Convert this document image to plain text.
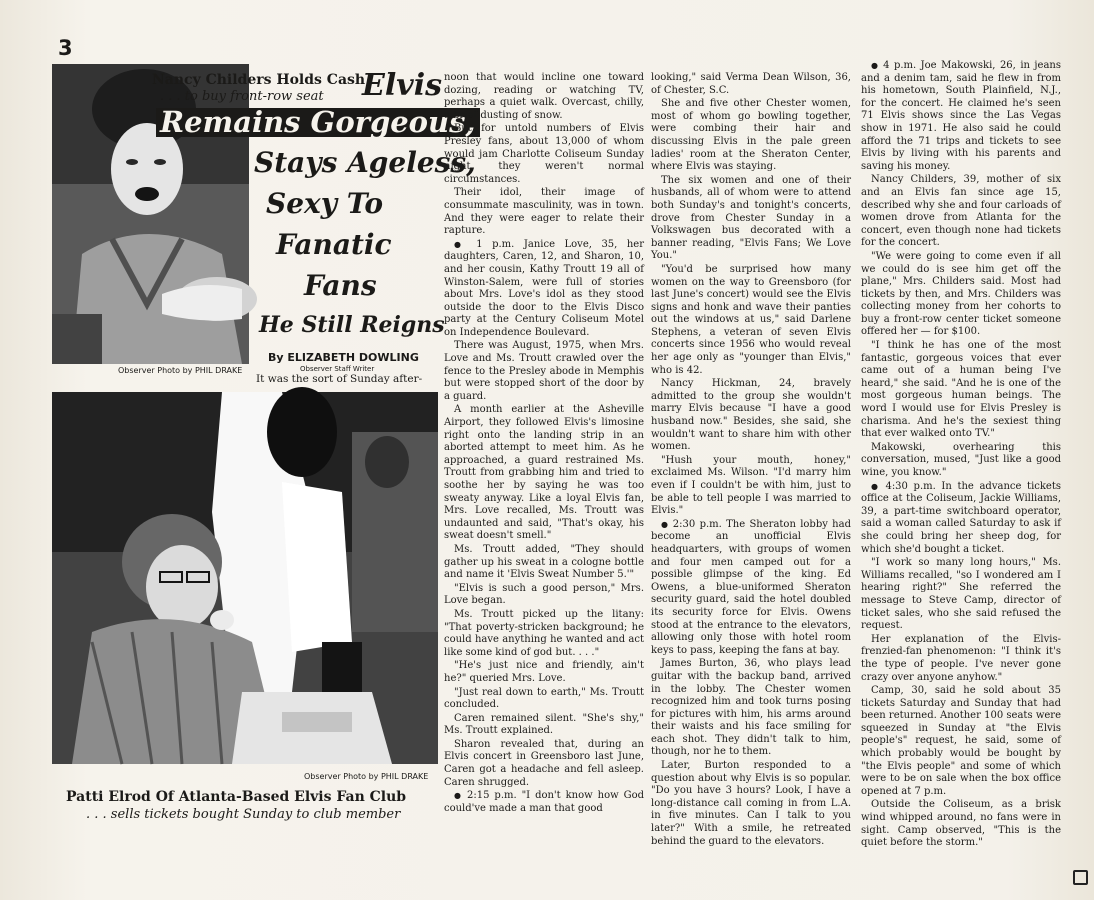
3
Observer Photo by PHIL DRAKE
Nancy Childers Holds Cash
. . . to buy front-row seat Elvis
Remains Gorgeous,
Stays Ageless,
Sexy To
Fanatic
Fans
He Still Reigns
By ELIZABETH DOWLING
Observer Staff Writer
It was the sort of Sunday after-
Observer Photo by PHIL DRAKE
Patti Elrod Of Atlanta-Based Elvis Fan Club
. . . sells tickets bought Sunday to club member

noon that would incline one toward dozing, reading or watching TV, perhaps a quiet walk. Overcast, chilly, a brief dusting of snow.

But for untold numbers of Elvis Presley fans, about 13,000 of whom would jam Charlotte Coliseum Sunday night, they weren't normal circumstances.

Their idol, their image of consummate masculinity, was in town. And they were eager to relate their rapture.

● 1 p.m. Janice Love, 35, her daughters, Caren, 12, and Sharon, 10, and her cousin, Kathy Troutt 19 all of Winston-Salem, were full of stories about Mrs. Love's idol as they stood outside the door to the Elvis Disco party at the Century Coliseum Motel on Independence Boulevard.

There was August, 1975, when Mrs. Love and Ms. Troutt crawled over the fence to the Presley abode in Memphis but were stopped short of the door by a guard.

A month earlier at the Asheville Airport, they followed Elvis's limosine right onto the landing strip in an aborted attempt to meet him. As he approached, a guard restrained Ms. Troutt from grabbing him and tried to soothe her by saying he was too sweaty anyway. Like a loyal Elvis fan, Mrs. Love recalled, Ms. Troutt was undaunted and said, "That's okay, his sweat doesn't smell."

Ms. Troutt added, "They should gather up his sweat in a cologne bottle and name it 'Elvis Sweat Number 5.'"

"Elvis is such a good person," Mrs. Love began.

Ms. Troutt picked up the litany: "That poverty-stricken background; he could have anything he wanted and act like some kind of god but. . . ."

"He's just nice and friendly, ain't he?" queried Mrs. Love.

"Just real down to earth," Ms. Troutt concluded.

Caren remained silent. "She's shy," Ms. Troutt explained.

Sharon revealed that, during an Elvis concert in Greensboro last June, Caren got a headache and fell asleep. Caren shrugged.

● 2:15 p.m. "I don't know how God could've made a man that good

looking," said Verma Dean Wilson, 36, of Chester, S.C.

She and five other Chester women, most of whom go bowling together, were combing their hair and discussing Elvis in the pale green ladies' room at the Sheraton Center, where Elvis was staying.

The six women and one of their husbands, all of whom were to attend both Sunday's and tonight's concerts, drove from Chester Sunday in a Volkswagen bus decorated with a banner reading, "Elvis Fans; We Love You."

"You'd be surprised how many women on the way to Greensboro (for last June's concert) would see the Elvis signs and honk and wave their panties out the windows at us," said Darlene Stephens, a veteran of seven Elvis concerts since 1956 who would reveal her age only as "younger than Elvis," who is 42.

Nancy Hickman, 24, bravely admitted to the group she wouldn't marry Elvis because "I have a good husband now." Besides, she said, she wouldn't want to share him with other women.

"Hush your mouth, honey," exclaimed Ms. Wilson. "I'd marry him even if I couldn't be with him, just to be able to tell people I was married to Elvis."

● 2:30 p.m. The Sheraton lobby had become an unofficial Elvis headquarters, with groups of women and four men camped out for a possible glimpse of the king. Ed Owens, a blue-uniformed Sheraton security guard, said the hotel doubled its security force for Elvis. Owens stood at the entrance to the elevators, allowing only those with hotel room keys to pass, keeping the fans at bay.

James Burton, 36, who plays lead guitar with the backup band, arrived in the lobby. The Chester women recognized him and took turns posing for pictures with him, his arms around their waists and his face smiling for each shot. They didn't talk to him, though, nor he to them.

Later, Burton responded to a question about why Elvis is so popular. "Do you have 3 hours? Look, I have a long-distance call coming in from L.A. in five minutes. Can I talk to you later?" With a smile, he retreated behind the guard to the elevators.

● 4 p.m. Joe Makowski, 26, in jeans and a denim tam, said he flew in from his hometown, South Plainfield, N.J., for the concert. He claimed he's seen 71 Elvis shows since the Las Vegas show in 1971. He also said he could afford the 71 trips and tickets to see Elvis by living with his parents and saving his money.

Nancy Childers, 39, mother of six and an Elvis fan since age 15, described why she and four carloads of women drove from Atlanta for the concert, even though none had tickets for the concert.

"We were going to come even if all we could do is see him get off the plane," Mrs. Childers said. Most had tickets by then, and Mrs. Childers was collecting money from her cohorts to buy a front-row center ticket someone offered her — for $100.

"I think he has one of the most fantastic, gorgeous voices that ever came out of a human being I've heard," she said. "And he is one of the most gorgeous human beings. The word I would use for Elvis Presley is charisma. And he's the sexiest thing that ever walked onto TV."

Makowski, overhearing this conversation, mused, "Just like a good wine, you know."

● 4:30 p.m. In the advance tickets office at the Coliseum, Jackie Williams, 39, a part-time switchboard operator, said a woman called Saturday to ask if she could bring her sheep dog, for which she'd bought a ticket.

"I work so many long hours," Ms. Williams recalled, "so I wondered am I hearing right?" She referred the message to Steve Camp, director of ticket sales, who she said refused the request.

Her explanation of the Elvis-frenzied-fan phenomenon: "I think it's the type of people. I've never gone crazy over anyone anyhow."

Camp, 30, said he sold about 35 tickets Saturday and Sunday that had been returned. Another 100 seats were squeezed in Sunday at "the Elvis people's" request, he said, some of which probably would be bought by "the Elvis people" and some of which were to be on sale when the box office opened at 7 p.m.

Outside the Coliseum, as a brisk wind whipped around, no fans were in sight. Camp observed, "This is the quiet before the storm."
